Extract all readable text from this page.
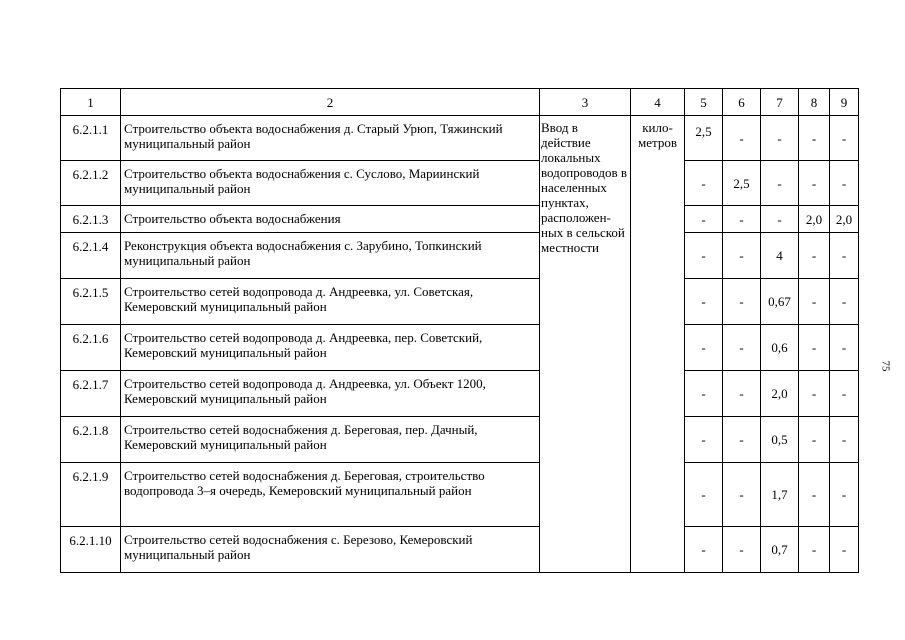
1	2	3	4	5	6	7	8	9
6.2.1.1	Строительство объекта водоснабжения д. Старый Урюп, Тяжинский муниципальный район	Ввод в действие локальных водопроводов в населенных пунктах, расположен-ных в сельской местности	кило-метров	2,5	-	-	-	-
6.2.1.2	Строительство объекта водоснабжения с. Суслово, Мариинский муниципальный район			-	2,5	-	-	-
6.2.1.3	Строительство объекта водоснабжения			-	-	-	2,0	2,0
6.2.1.4	Реконструкция объекта водоснабжения с. Зарубино, Топкинский муниципальный район			-	-	4	-	-
6.2.1.5	Строительство сетей водопровода д. Андреевка, ул. Советская, Кемеровский муниципальный район			-	-	0,67	-	-
6.2.1.6	Строительство сетей водопровода д. Андреевка, пер. Советский, Кемеровский муниципальный район			-	-	0,6	-	-
6.2.1.7	Строительство сетей водопровода д. Андреевка, ул. Объект 1200, Кемеровский муниципальный район			-	-	2,0	-	-
6.2.1.8	Строительство сетей водоснабжения д. Береговая, пер. Дачный, Кемеровский муниципальный район			-	-	0,5	-	-
6.2.1.9	Строительство сетей водоснабжения д. Береговая, строительство водопровода 3–я очередь, Кемеровский муниципальный район			-	-	1,7	-	-
6.2.1.10	Строительство сетей водоснабжения с. Березово, Кемеровский муниципальный район			-	-	0,7	-	-
75
